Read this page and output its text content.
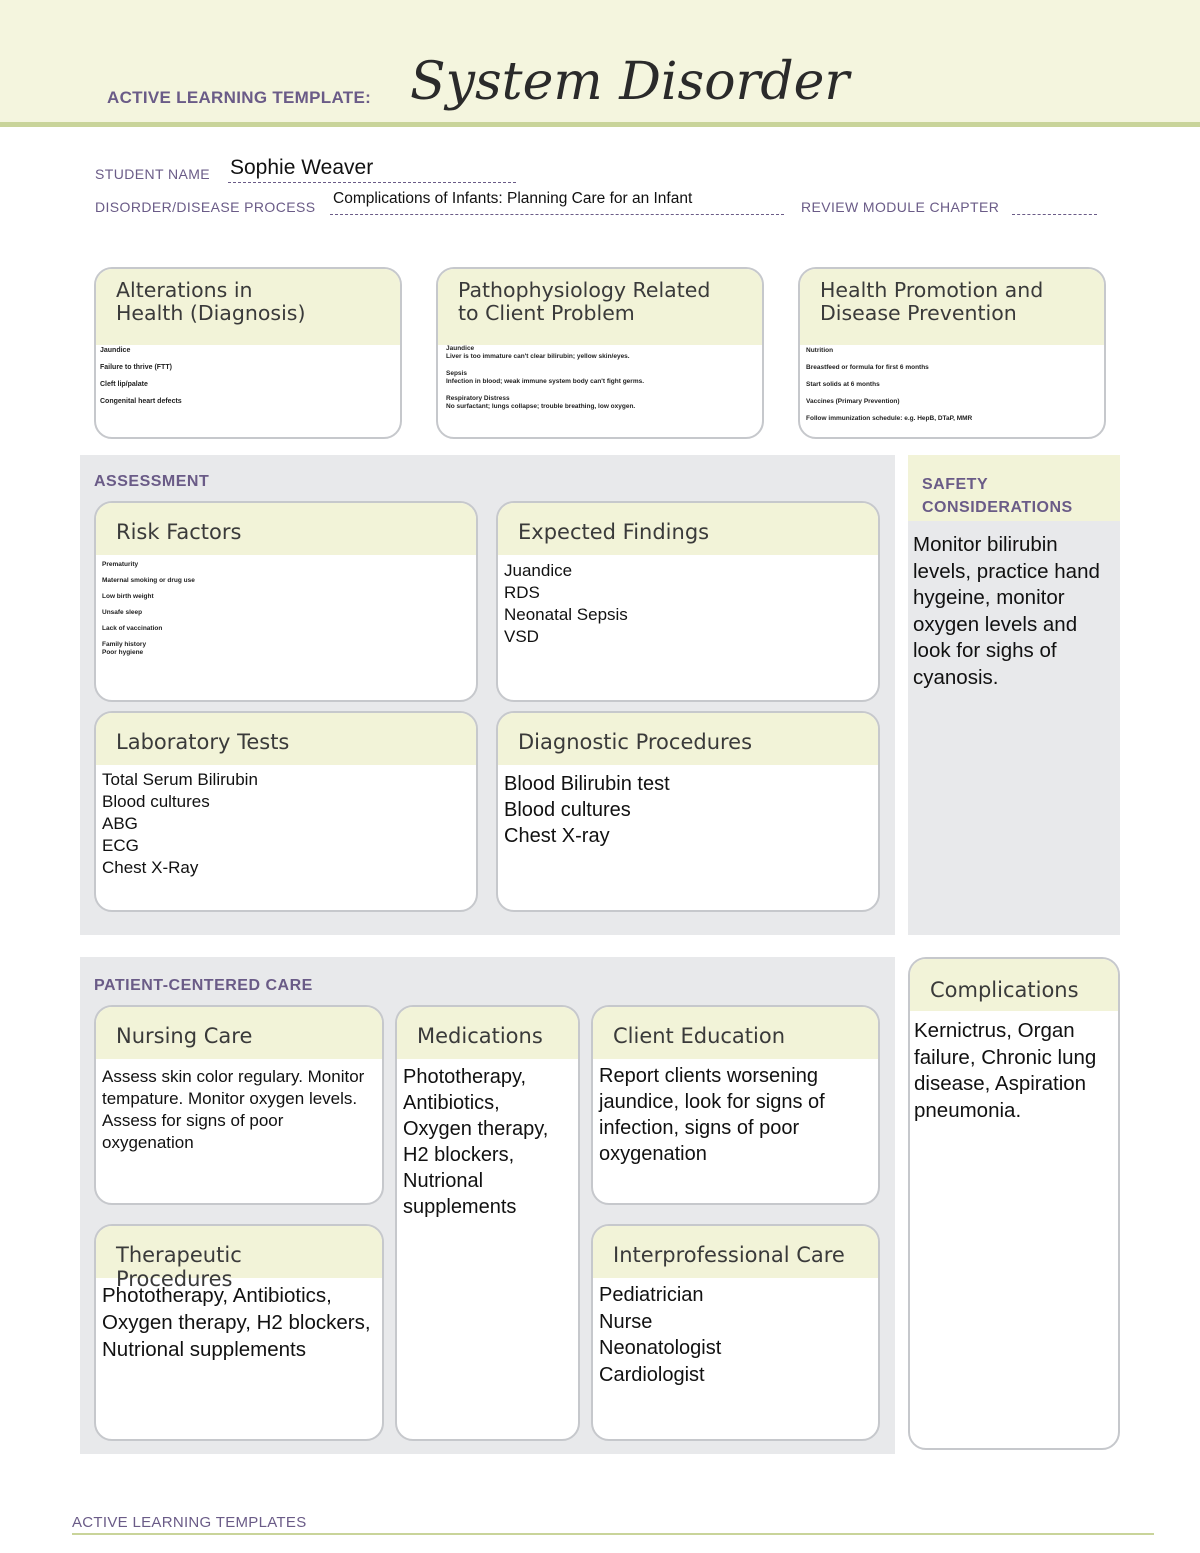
ACTIVE LEARNING TEMPLATE: System Disorder
STUDENT NAME Sophie Weaver
DISORDER/DISEASE PROCESS Complications of Infants: Planning Care for an Infant	REVIEW MODULE CHAPTER
Alterations in
Health (Diagnosis)
Jaundice
Failure to thrive (FTT)
Cleft lip/palate
Congenital heart defects
Pathophysiology Related
to Client Problem
Jaundice
Liver is too immature can't clear bilirubin; yellow skin/eyes.
Sepsis
Infection in blood; weak immune system body can't fight germs.
Respiratory Distress
No surfactant; lungs collapse; trouble breathing, low oxygen.
Health Promotion and
Disease Prevention
Nutrition
Breastfeed or formula for first 6 months
Start solids at 6 months
Vaccines (Primary Prevention)
Follow immunization schedule: e.g. HepB, DTaP, MMR
ASSESSMENT
Risk Factors
Prematurity
Maternal smoking or drug use
Low birth weight
Unsafe sleep
Lack of vaccination
Family history
Poor hygiene
Expected Findings
Juandice
RDS
Neonatal Sepsis
VSD
Laboratory Tests
Total Serum Bilirubin
Blood cultures
ABG
ECG
Chest X-Ray
Diagnostic Procedures
Blood Bilirubin test
Blood cultures
Chest X-ray
SAFETY
CONSIDERATIONS
Monitor bilirubin levels, practice hand hygeine, monitor oxygen levels and look for sighs of cyanosis.
PATIENT-CENTERED CARE
Nursing Care
Assess skin color regulary. Monitor tempature. Monitor oxygen levels. Assess for signs of poor oxygenation
Medications
Phototherapy, Antibiotics, Oxygen therapy, H2 blockers, Nutrional supplements
Client Education
Report clients worsening jaundice, look for signs of infection, signs of poor oxygenation
Therapeutic Procedures
Phototherapy, Antibiotics, Oxygen therapy, H2 blockers, Nutrional supplements
Interprofessional Care
Pediatrician
Nurse
Neonatologist
Cardiologist
Complications
Kernictrus, Organ failure, Chronic lung disease, Aspiration pneumonia.
ACTIVE LEARNING TEMPLATES
